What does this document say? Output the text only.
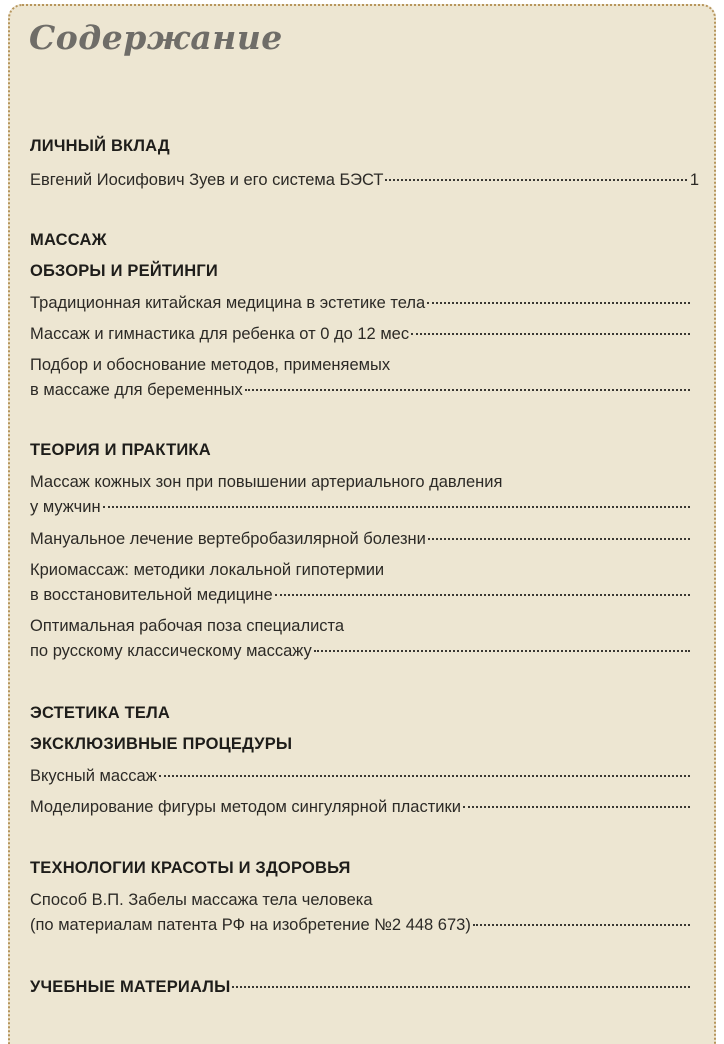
Содержание
ЛИЧНЫЙ ВКЛАД
Евгений Иосифович Зуев и его система БЭСТ	1
МАССАЖ
ОБЗОРЫ И РЕЙТИНГИ
Традиционная китайская медицина в эстетике тела
Массаж и гимнастика для ребенка от 0 до 12 мес
Подбор и обоснование методов, применяемых
в массаже для беременных
ТЕОРИЯ И ПРАКТИКА
Массаж кожных зон при повышении артериального давления
у мужчин
Мануальное лечение вертебробазилярной болезни
Криомассаж: методики локальной гипотермии
в восстановительной медицине
Оптимальная рабочая поза специалиста
по русскому классическому массажу
ЭСТЕТИКА ТЕЛА
ЭКСКЛЮЗИВНЫЕ ПРОЦЕДУРЫ
Вкусный массаж
Моделирование фигуры методом сингулярной пластики
ТЕХНОЛОГИИ КРАСОТЫ И ЗДОРОВЬЯ
Способ В.П. Забелы массажа тела человека
(по материалам патента РФ на изобретение №2 448 673)
УЧЕБНЫЕ МАТЕРИАЛЫ
